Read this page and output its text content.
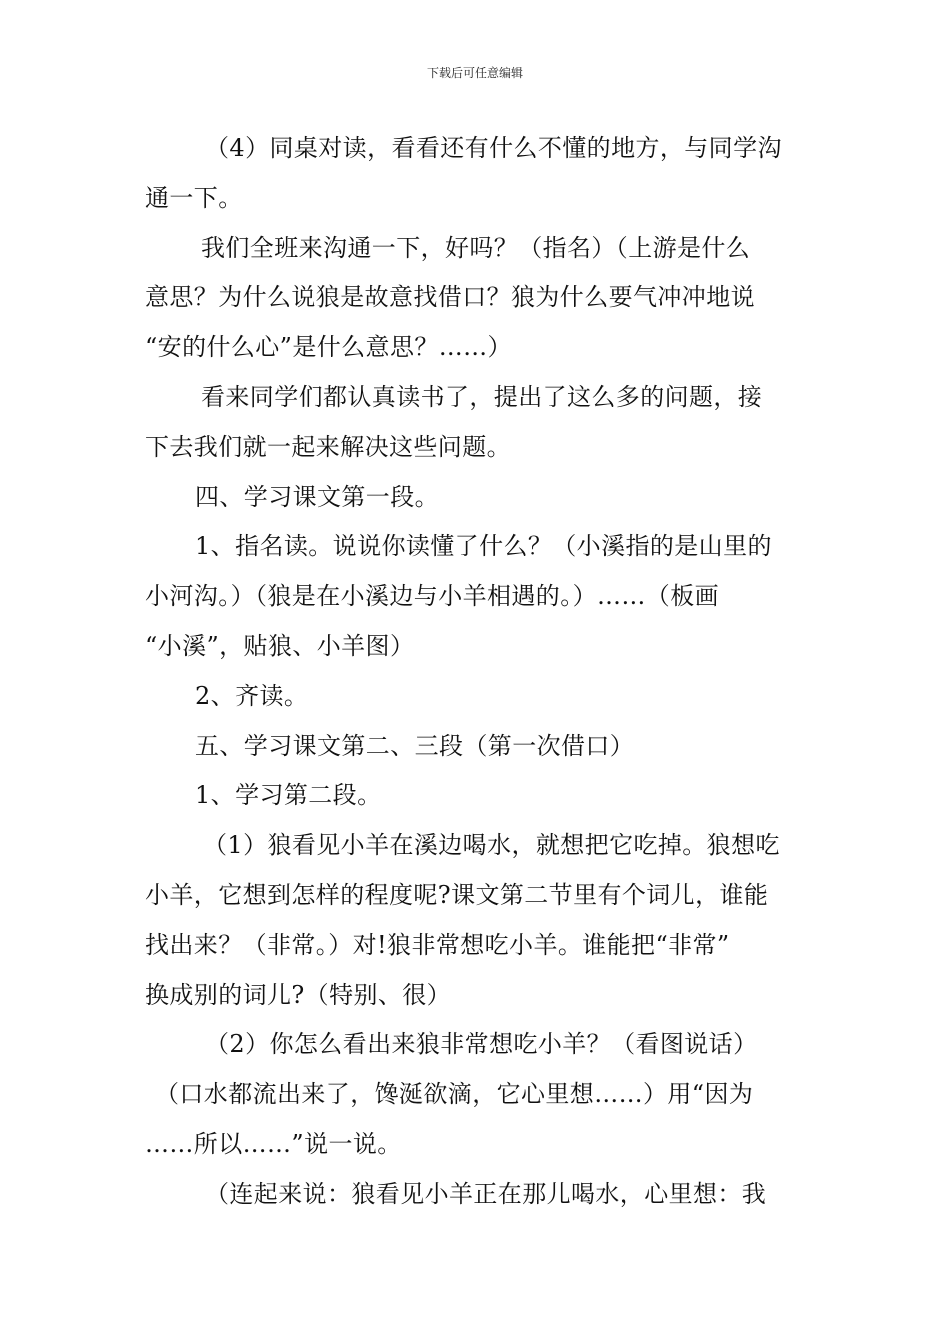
下载后可任意编辑

（4）同桌对读，看看还有什么不懂的地方，与同学沟

通一下。

我们全班来沟通一下，好吗？（指名）（上游是什么

意思？为什么说狼是故意找借口？狼为什么要气冲冲地说

“安的什么心”是什么意思？……）

看来同学们都认真读书了，提出了这么多的问题，接

下去我们就一起来解决这些问题。

四、学习课文第一段。

1、指名读。说说你读懂了什么？（小溪指的是山里的

小河沟。）（狼是在小溪边与小羊相遇的。）……（板画

“小溪”，贴狼、小羊图）

2、齐读。

五、学习课文第二、三段（第一次借口）

1、学习第二段。

（1）狼看见小羊在溪边喝水，就想把它吃掉。狼想吃

小羊，它想到怎样的程度呢?课文第二节里有个词儿，谁能

找出来？（非常。）对!狼非常想吃小羊。谁能把“非常”

换成别的词儿?（特别、很）

（2）你怎么看出来狼非常想吃小羊？（看图说话）

（口水都流出来了，馋涎欲滴，它心里想……）用“因为

……所以……”说一说。

（连起来说：狼看见小羊正在那儿喝水，心里想：我
